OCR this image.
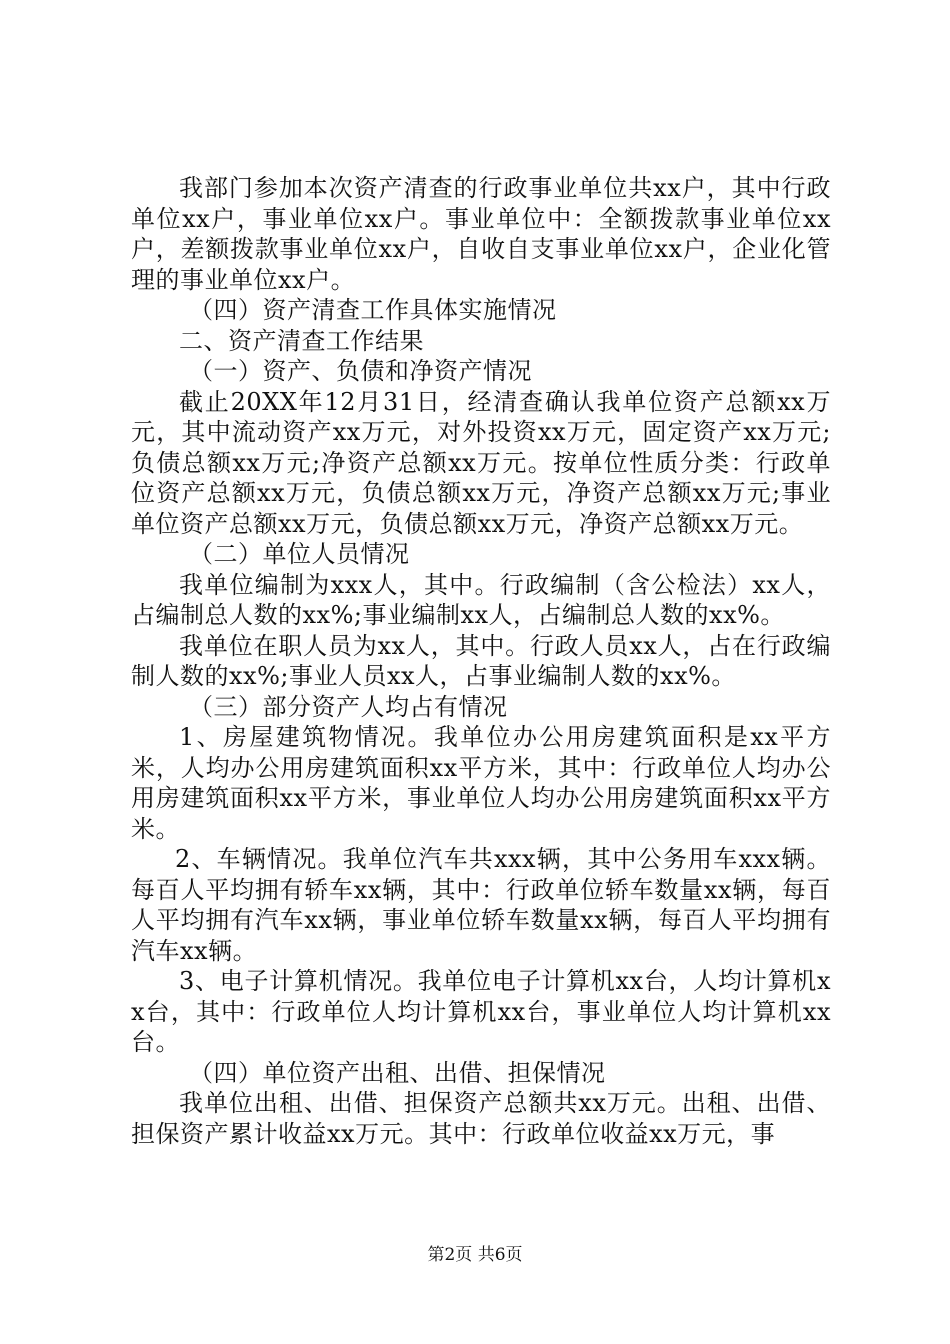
我部门参加本次资产清查的行政事业单位共xx户，其中行政单位xx户，事业单位xx户。事业单位中：全额拨款事业单位xx户，差额拨款事业单位xx户，自收自支事业单位xx户，企业化管理的事业单位xx户。

（四）资产清查工作具体实施情况

二、资产清查工作结果

（一）资产、负债和净资产情况

截止20XX年12月31日，经清查确认我单位资产总额xx万元，其中流动资产xx万元，对外投资xx万元，固定资产xx万元;负债总额xx万元;净资产总额xx万元。按单位性质分类：行政单位资产总额xx万元，负债总额xx万元，净资产总额xx万元;事业单位资产总额xx万元，负债总额xx万元，净资产总额xx万元。

（二）单位人员情况

我单位编制为xxx人，其中。行政编制（含公检法）xx人，占编制总人数的xx%;事业编制xx人，占编制总人数的xx%。

我单位在职人员为xx人，其中。行政人员xx人，占在行政编制人数的xx%;事业人员xx人，占事业编制人数的xx%。

（三）部分资产人均占有情况

1、房屋建筑物情况。我单位办公用房建筑面积是xx平方米，人均办公用房建筑面积xx平方米，其中：行政单位人均办公用房建筑面积xx平方米，事业单位人均办公用房建筑面积xx平方米。

2、车辆情况。我单位汽车共xxx辆，其中公务用车xxx辆。每百人平均拥有轿车xx辆，其中：行政单位轿车数量xx辆，每百人平均拥有汽车xx辆，事业单位轿车数量xx辆，每百人平均拥有汽车xx辆。

3、电子计算机情况。我单位电子计算机xx台，人均计算机xx台，其中：行政单位人均计算机xx台，事业单位人均计算机xx台。

（四）单位资产出租、出借、担保情况

我单位出租、出借、担保资产总额共xx万元。出租、出借、担保资产累计收益xx万元。其中：行政单位收益xx万元，事

第2页 共6页
